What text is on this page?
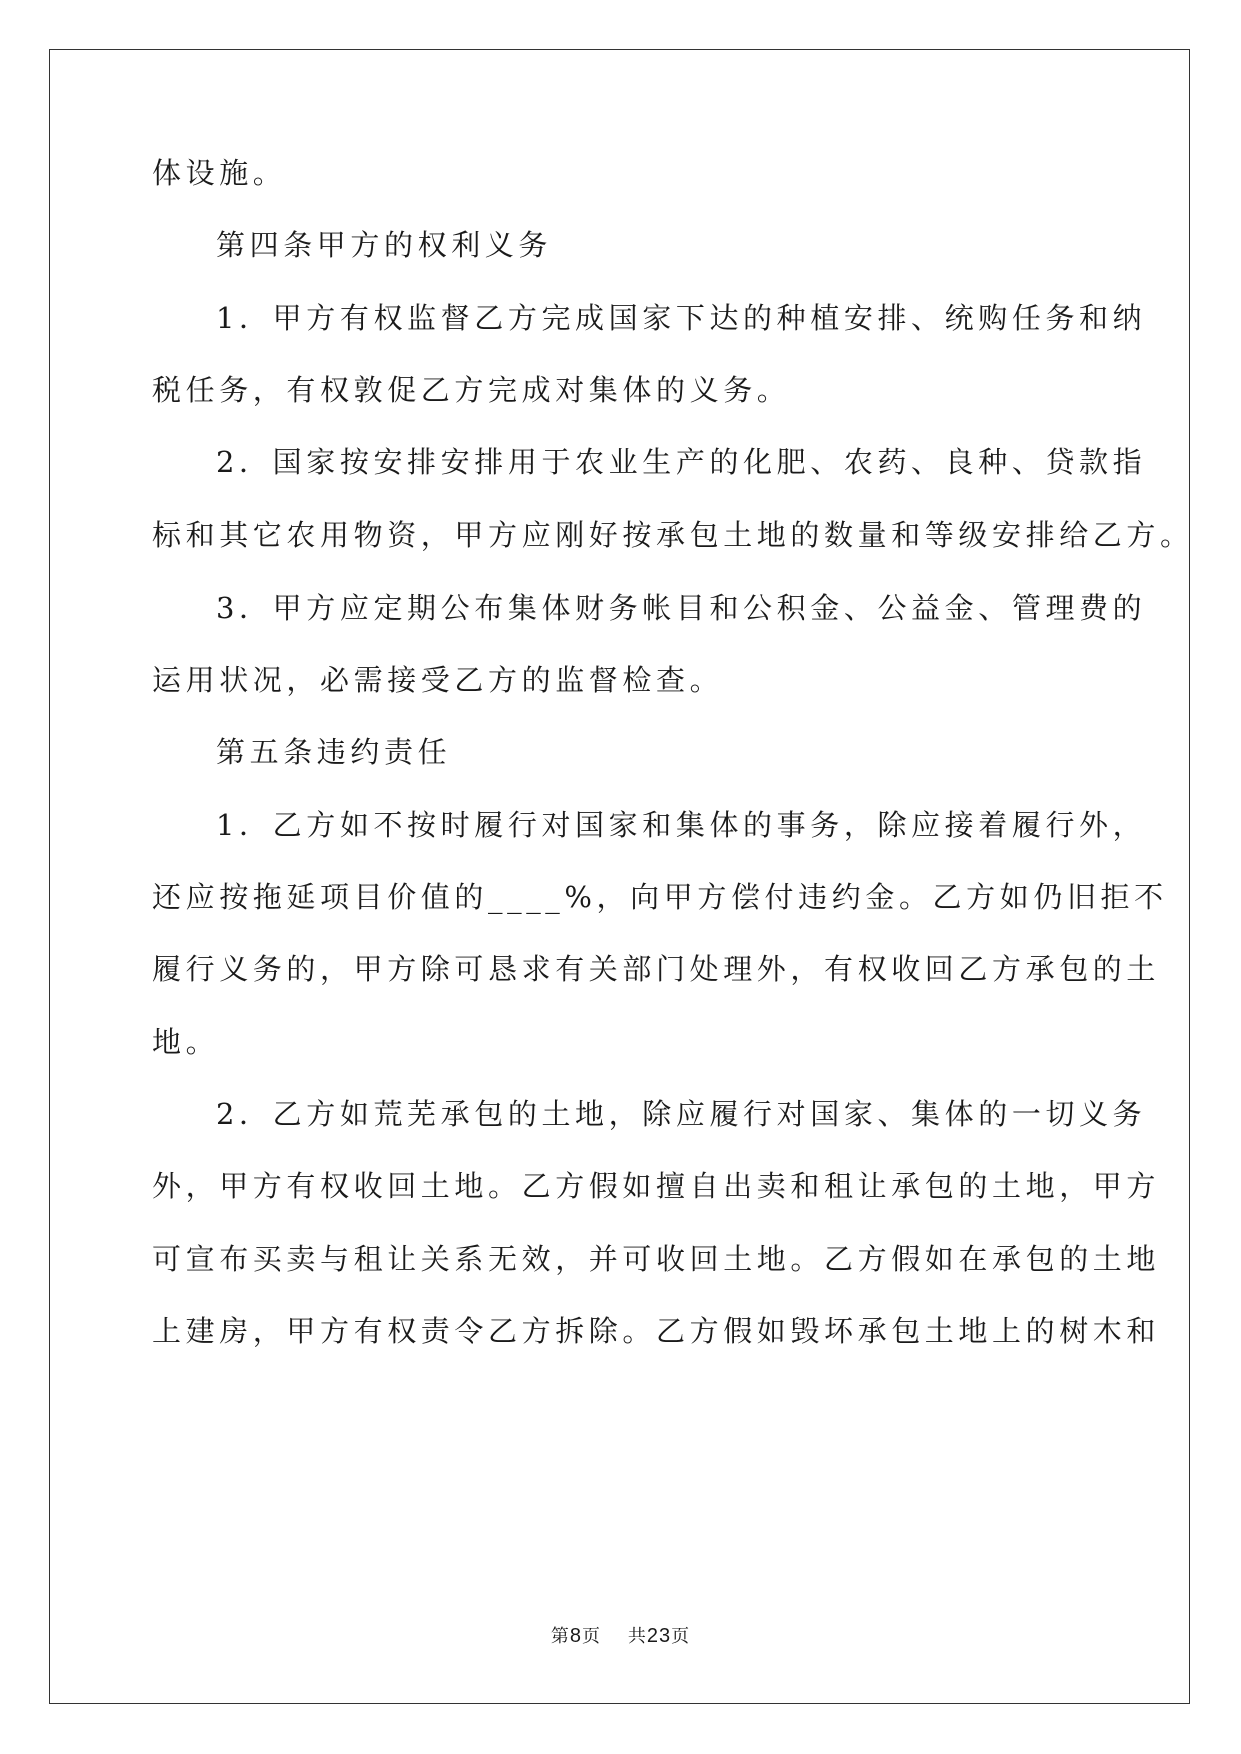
体设施。
第四条甲方的权利义务
1．甲方有权监督乙方完成国家下达的种植安排、统购任务和纳
税任务，有权敦促乙方完成对集体的义务。
2．国家按安排安排用于农业生产的化肥、农药、良种、贷款指
标和其它农用物资，甲方应刚好按承包土地的数量和等级安排给乙方。
3．甲方应定期公布集体财务帐目和公积金、公益金、管理费的
运用状况，必需接受乙方的监督检查。
第五条违约责任
1．乙方如不按时履行对国家和集体的事务，除应接着履行外，
还应按拖延项目价值的____%，向甲方偿付违约金。乙方如仍旧拒不
履行义务的，甲方除可恳求有关部门处理外，有权收回乙方承包的土
地。
2．乙方如荒芜承包的土地，除应履行对国家、集体的一切义务
外，甲方有权收回土地。乙方假如擅自出卖和租让承包的土地，甲方
可宣布买卖与租让关系无效，并可收回土地。乙方假如在承包的土地
上建房，甲方有权责令乙方拆除。乙方假如毁坏承包土地上的树木和
第8页 共23页
